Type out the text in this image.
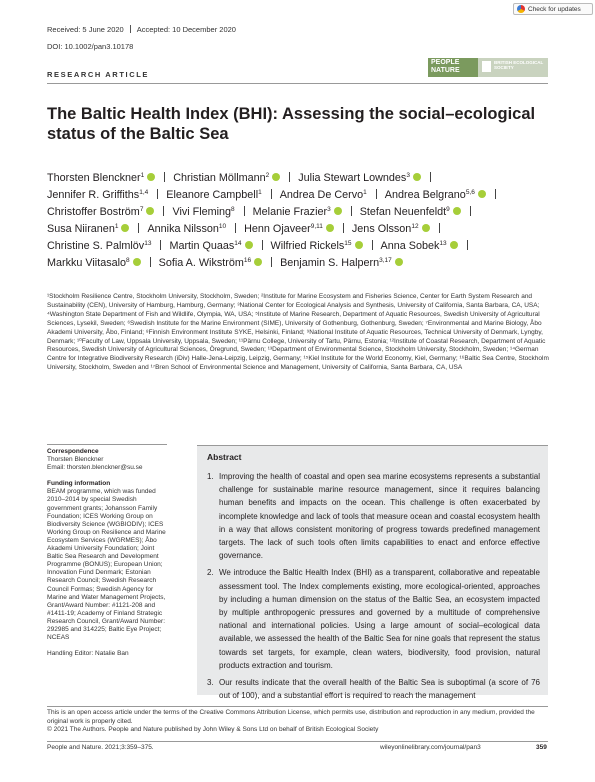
Check for updates
Received: 5 June 2020 Accepted: 10 December 2020
DOI: 10.1002/pan3.10178
PEOPLE NATURE
BRITISH ECOLOGICAL SOCIETY
RESEARCH ARTICLE
The Baltic Health Index (BHI): Assessing the social–ecological status of the Baltic Sea
Thorsten Blenckner$^1$	Christian Möllmann$^2$	Julia Stewart Lowndes$^3$
Jennifer R. Griffiths$^{1,4}$ Eleanore Campbell$^1$ Andrea De Cervo$^1$ Andrea Belgrano$^{5,6}$
Christoffer Boström$^7$	Vivi Fleming$^8$ Melanie Frazier$^3$	Stefan Neuenfeldt$^9$
Susa Niiranen$^1$	Annika Nilsson$^{10}$ Henn Ojaveer$^{9,11}$	Jens Olsson$^{12}$
Christine S. Palmlöv$^{13}$ Martin Quaas$^{14}$	Wilfried Rickels$^{15}$	Anna Sobek$^{13}$
Markku Viitasalo$^8$	Sofia A. Wikström$^{16}$	Benjamin S. Halpern$^{3,17}$
¹Stockholm Resilience Centre, Stockholm University, Stockholm, Sweden; ²Institute for Marine Ecosystem and Fisheries Science, Center for Earth System Research and Sustainability (CEN), University of Hamburg, Hamburg, Germany; ³National Center for Ecological Analysis and Synthesis, University of California, Santa Barbara, CA, USA; ⁴Washington State Department of Fish and Wildlife, Olympia, WA, USA; ⁵Institute of Marine Research, Department of Aquatic Resources, Swedish University of Agricultural Sciences, Lysekil, Sweden; ⁶Swedish Institute for the Marine Environment (SIME), University of Gothenburg, Gothenburg, Sweden; ⁷Environmental and Marine Biology, Åbo Akademi University, Åbo, Finland; ⁸Finnish Environment Institute SYKE, Helsinki, Finland; ⁹National Institute of Aquatic Resources, Technical University of Denmark, Lyngby, Denmark; ¹⁰Faculty of Law, Uppsala University, Uppsala, Sweden; ¹¹Pärnu College, University of Tartu, Pärnu, Estonia; ¹²Institute of Coastal Research, Department of Aquatic Resources, Swedish University of Agricultural Sciences, Öregrund, Sweden; ¹³Department of Environmental Science, Stockholm University, Stockholm, Sweden; ¹⁴German Centre for Integrative Biodiversity Research (iDiv) Halle-Jena-Leipzig, Leipzig, Germany; ¹⁵Kiel Institute for the World Economy, Kiel, Germany; ¹⁶Baltic Sea Centre, Stockholm University, Stockholm, Sweden and ¹⁷Bren School of Environmental Science and Management, University of California, Santa Barbara, CA, USA
Correspondence
Thorsten Blenckner
Email: thorsten.blenckner@su.se
Funding information
BEAM programme, which was funded 2010–2014 by special Swedish government grants; Johansson Family Foundation; ICES Working Group on Biodiversity Science (WGBIODIV); ICES Working Group on Resilience and Marine Ecosystem Services (WGRMES); Åbo Akademi University Foundation; Joint Baltic Sea Research and Development Programme (BONUS); European Union; Innovation Fund Denmark; Estonian Research Council; Swedish Research Council Formas; Swedish Agency for Marine and Water Management Projects, Grant/Award Number: #1121-208 and #1411-19; Academy of Finland Strategic Research Council, Grant/Award Number: 292985 and 314225; Baltic Eye Project; NCEAS
Handling Editor: Natalie Ban
Abstract
1. Improving the health of coastal and open sea marine ecosystems represents a substantial challenge for sustainable marine resource management, since it requires balancing human benefits and impacts on the ocean. This challenge is often exacerbated by incomplete knowledge and lack of tools that measure ocean and coastal ecosystem health in a way that allows consistent monitoring of progress towards predefined management targets. The lack of such tools often limits capabilities to enact and enforce effective governance.
2. We introduce the Baltic Health Index (BHI) as a transparent, collaborative and repeatable assessment tool. The Index complements existing, more ecological-oriented, approaches by including a human dimension on the status of the Baltic Sea, an ecosystem impacted by multiple anthropogenic pressures and governed by a multitude of comprehensive national and international policies. Using a large amount of social–ecological data available, we assessed the health of the Baltic Sea for nine goals that represent the status towards set targets, for example, clean waters, biodiversity, food provision, natural products extraction and tourism.
3. Our results indicate that the overall health of the Baltic Sea is suboptimal (a score of 76 out of 100), and a substantial effort is required to reach the management
This is an open access article under the terms of the Creative Commons Attribution License, which permits use, distribution and reproduction in any medium, provided the original work is properly cited.
© 2021 The Authors. People and Nature published by John Wiley & Sons Ltd on behalf of British Ecological Society
People and Nature. 2021;3:359–375.	wileyonlinelibrary.com/journal/pan3	359
